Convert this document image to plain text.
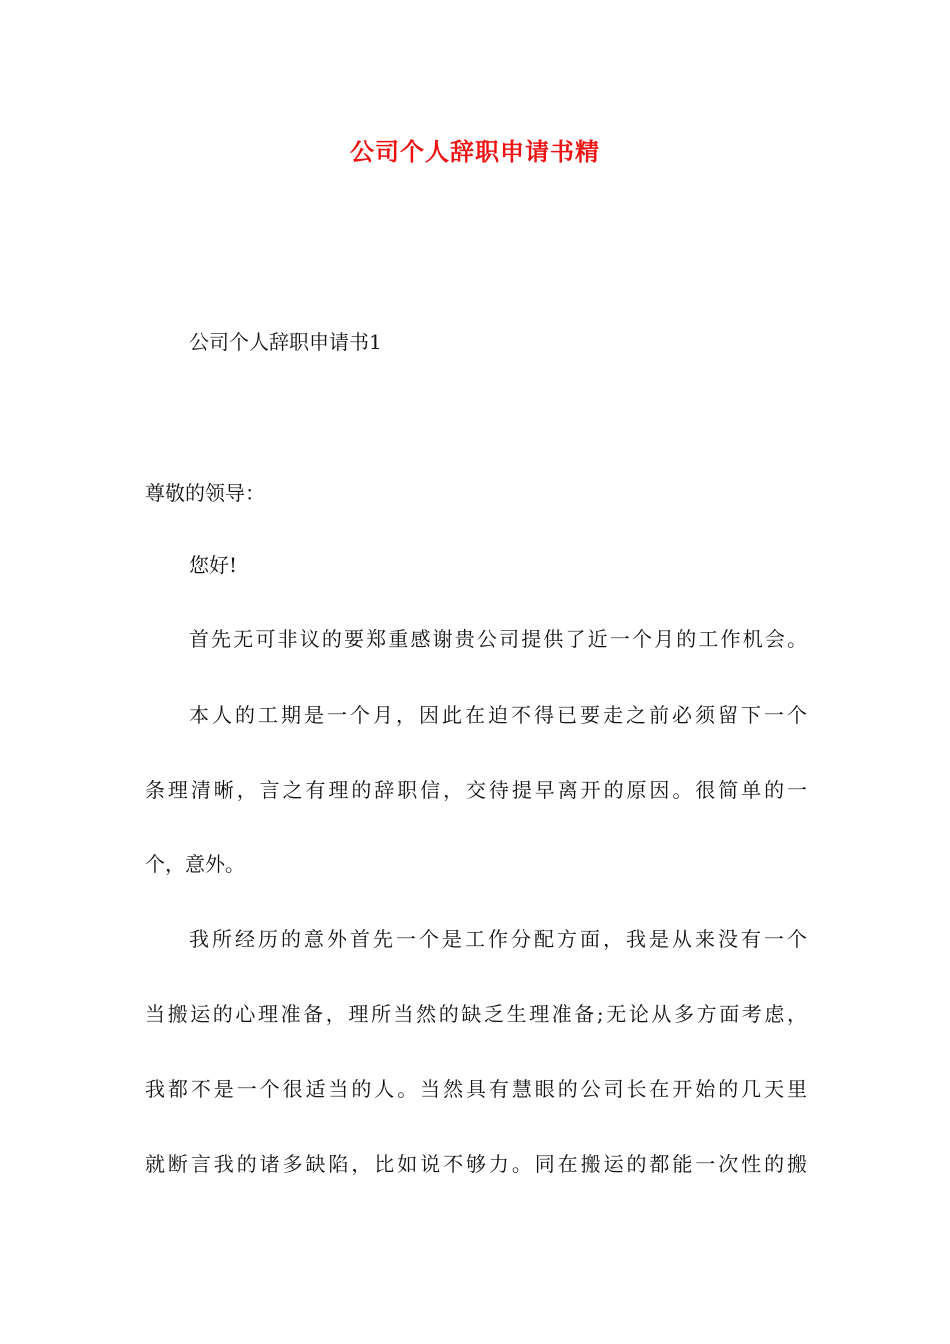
公司个人辞职申请书精
公司个人辞职申请书1
尊敬的领导：
您好!
首先无可非议的要郑重感谢贵公司提供了近一个月的工作机会。
本人的工期是一个月，因此在迫不得已要走之前必须留下一个
条理清晰，言之有理的辞职信，交待提早离开的原因。很简单的一
个，意外。
我所经历的意外首先一个是工作分配方面，我是从来没有一个
当搬运的心理准备，理所当然的缺乏生理准备;无论从多方面考虑，
我都不是一个很适当的人。当然具有慧眼的公司长在开始的几天里
就断言我的诸多缺陷，比如说不够力。同在搬运的都能一次性的搬
